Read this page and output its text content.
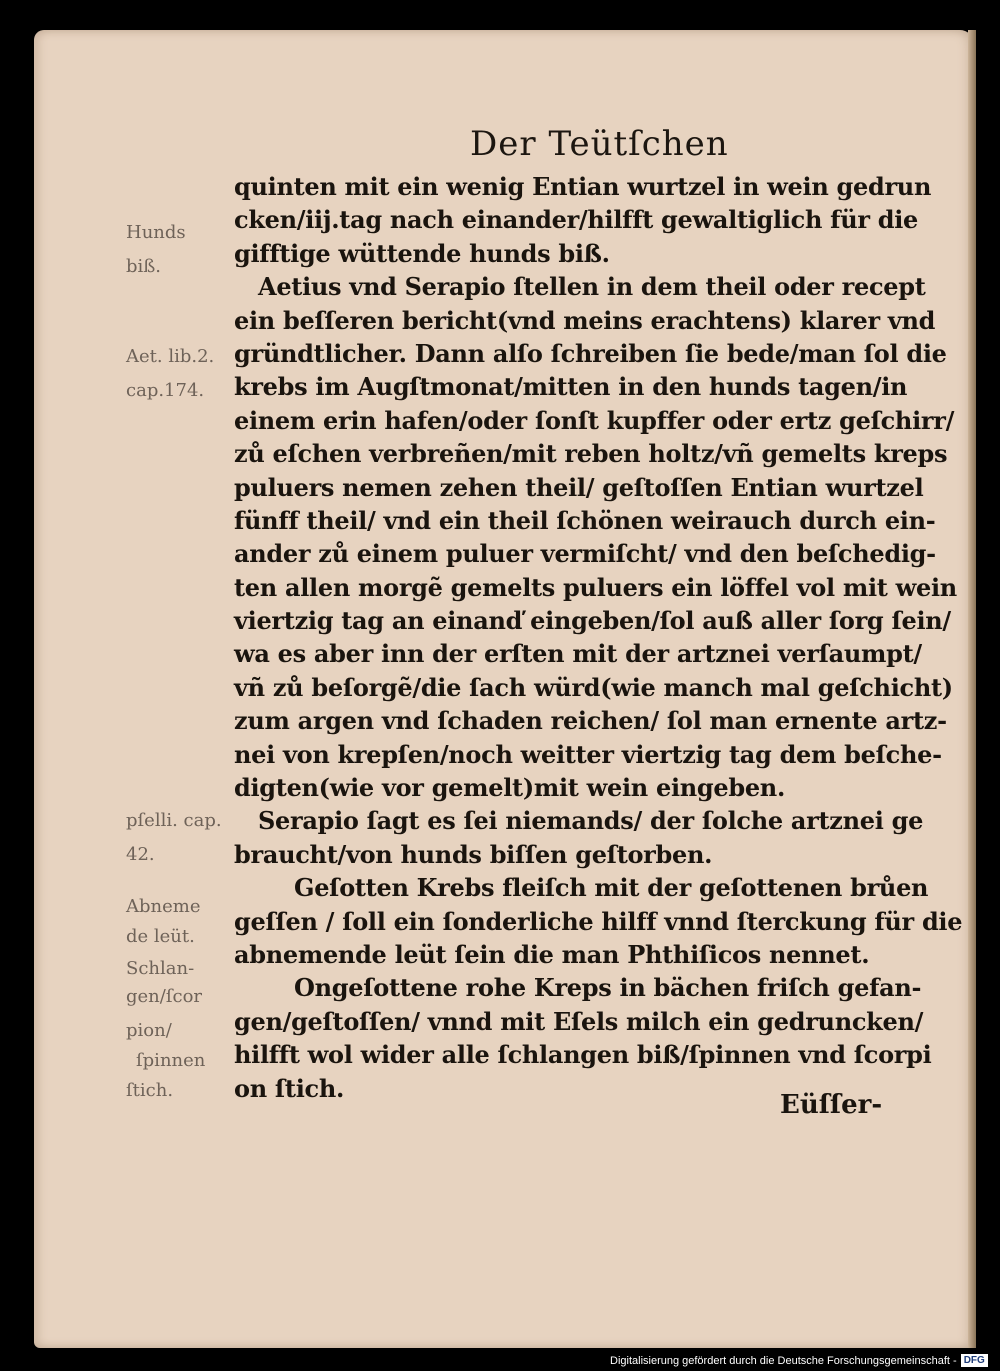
Der Teütſchen
quinten mit ein wenig Entian wurtzel in wein gedrun
cken/iij.tag nach einander/hilfft gewaltiglich für die
gifftige wüttende hunds biß.
Aetius vnd Serapio ſtellen in dem theil oder recept
ein beſſeren bericht(vnd meins erachtens) klarer vnd
gründtlicher. Dann alſo ſchreiben ſie bede/man ſol die
krebs im Augſtmonat/mitten in den hunds tagen/in
einem erin hafen/oder ſonſt kupffer oder ertz geſchirr/
zů eſchen verbreñen/mit reben holtz/vñ gemelts kreps
puluers nemen zehen theil/ geſtoſſen Entian wurtzel
fünff theil/ vnd ein theil ſchönen weirauch durch ein-
ander zů einem puluer vermiſcht/ vnd den beſchedig-
ten allen morgẽ gemelts puluers ein löffel vol mit wein
viertzig tag an einanď eingeben/ſol auß aller ſorg ſein/
wa es aber inn der erſten mit der artznei verſaumpt/
vñ zů beſorgẽ/die ſach würd(wie manch mal geſchicht)
zum argen vnd ſchaden reichen/ ſol man ernente artz-
nei von krepſen/noch weitter viertzig tag dem beſche-
digten(wie vor gemelt)mit wein eingeben.
Serapio ſagt es ſei niemands/ der ſolche artznei ge
braucht/von hunds biſſen geſtorben.
Geſotten Krebs fleiſch mit der geſottenen brůen
geſſen / ſoll ein ſonderliche hilff vnnd ſterckung für die
abnemende leüt ſein die man Phthiſicos nennet.
Ongeſottene rohe Kreps in bächen friſch gefan-
gen/geſtoſſen/ vnnd mit Eſels milch ein gedruncken/
hilfft wol wider alle ſchlangen biß/ſpinnen vnd ſcorpi
on ſtich.
Hunds
biß.
Aet. lib.2.
cap.174.
pſelli. cap.
42.
Abneme
de leüt.
Schlan-
gen/ſcor
pion/
ſpinnen
ſtich.	Eüſſer-
Digitalisierung gefördert durch die Deutsche Forschungsgemeinschaft - DFG
